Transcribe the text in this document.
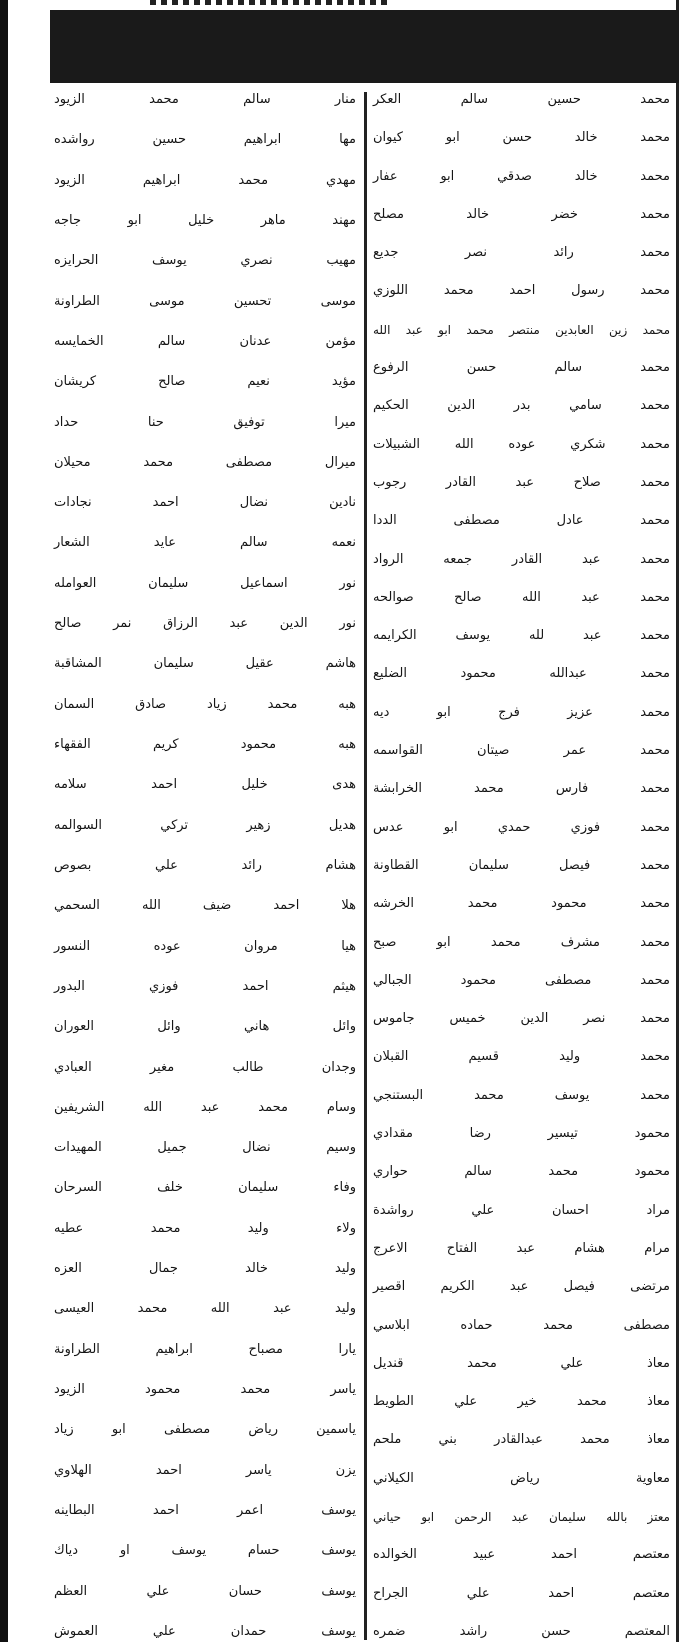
محمد حسين سالم العكر
محمد خالد حسن ابو كيوان
محمد خالد صدقي ابو عفار
محمد خضر خالد مصلح
محمد رائد نصر جديع
محمد رسول احمد محمد اللوزي
محمد زين العابدين منتصر محمد ابو عبد الله
محمد سالم حسن الرفوع
محمد سامي بدر الدين الحكيم
محمد شكري عوده الله الشبيلات
محمد صلاح عبد القادر رجوب
محمد عادل مصطفى الددا
محمد عبد القادر جمعه الرواد
محمد عبد الله صالح صوالحه
محمد عبد لله يوسف الكرايمه
محمد عبدالله محمود الضليع
محمد عزيز فرج ابو ديه
محمد عمر صيتان القواسمه
محمد فارس محمد الخرابشة
محمد فوزي حمدي ابو عدس
محمد فيصل سليمان القطاونة
محمد محمود محمد الخرشه
محمد مشرف محمد ابو صبح
محمد مصطفى محمود الجبالي
محمد نصر الدين خميس جاموس
محمد وليد قسيم القبلان
محمد يوسف محمد البستنجي
محمود تيسير رضا مقدادي
محمود محمد سالم حواري
مراد احسان علي رواشدة
مرام هشام عبد الفتاح الاعرج
مرتضى فيصل عبد الكريم اقصير
مصطفى محمد حماده ابلاسي
معاذ علي محمد قنديل
معاذ محمد خير علي الطويط
معاذ محمد عبدالقادر بني ملحم
معاوية رياض الكيلاني
معتز بالله سليمان عبد الرحمن ابو حياني
معتصم احمد عبيد الخوالده
معتصم احمد علي الجراح
المعتصم حسن راشد ضمره
منار سالم محمد الزيود
مها ابراهيم حسين رواشده
مهدي محمد ابراهيم الزيود
مهند ماهر خليل ابو جاجه
مهيب نصري يوسف الحرايزه
موسى تحسين موسى الطراونة
مؤمن عدنان سالم الخمايسه
مؤيد نعيم صالح كريشان
ميرا توفيق حنا حداد
ميرال مصطفى محمد محيلان
نادين نضال احمد نجادات
نعمه سالم عايد الشعار
نور اسماعيل سليمان العوامله
نور الدين عبد الرزاق نمر صالح
هاشم عقيل سليمان المشاقبة
هبه محمد زياد صادق السمان
هبه محمود كريم الفقهاء
هدى خليل احمد سلامه
هديل زهير تركي السوالمه
هشام رائد علي بصوص
هلا احمد ضيف الله السحمي
هيا مروان عوده النسور
هيثم احمد فوزي البدور
وائل هاني وائل العوران
وجدان طالب مغير العبادي
وسام محمد عبد الله الشريفين
وسيم نضال جميل المهيدات
وفاء سليمان خلف السرحان
ولاء وليد محمد عطيه
وليد خالد جمال العزه
وليد عبد الله محمد العيسى
يارا مصباح ابراهيم الطراونة
ياسر محمد محمود الزيود
ياسمين رياض مصطفى ابو زياد
يزن ياسر احمد الهلاوي
يوسف اعمر احمد البطاينه
يوسف حسام يوسف او دياك
يوسف حسان علي العظم
يوسف حمدان علي العموش
